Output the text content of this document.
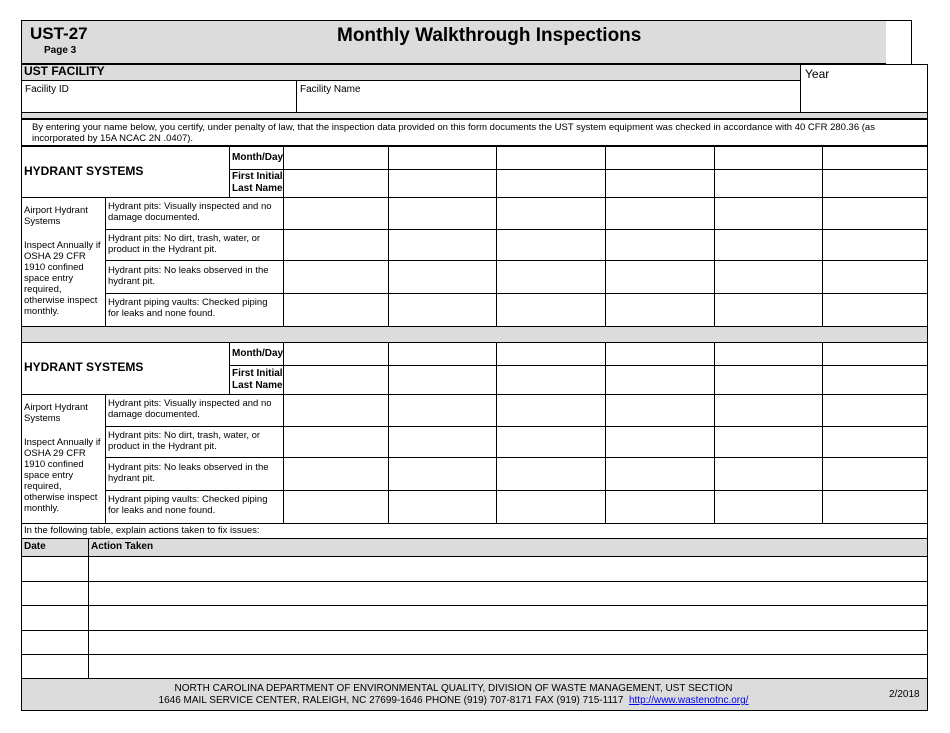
UST-27
Page 3
Monthly Walkthrough Inspections
UST FACILITY	Year
Facility ID	Facility Name
By entering your name below, you certify, under penalty of law, that the inspection data provided on this form documents the UST system equipment was checked in accordance with 40 CFR 280.36 (as incorporated by 15A NCAC 2N .0407).
HYDRANT SYSTEMS
Month/Day
First Initial
Last Name
Airport Hydrant
Systems
Inspect Annually if OSHA 29 CFR 1910 confined space entry required, otherwise inspect monthly.
Hydrant pits: Visually inspected and no damage documented.
Hydrant pits: No dirt, trash, water, or product in the Hydrant pit.
Hydrant pits: No leaks observed in the hydrant pit.
Hydrant piping vaults: Checked piping for leaks and none found.
HYDRANT SYSTEMS
Month/Day
First Initial
Last Name
Airport Hydrant
Systems
Inspect Annually if OSHA 29 CFR 1910 confined space entry required, otherwise inspect monthly.
Hydrant pits: Visually inspected and no damage documented.
Hydrant pits: No dirt, trash, water, or product in the Hydrant pit.
Hydrant pits: No leaks observed in the hydrant pit.
Hydrant piping vaults: Checked piping for leaks and none found.
In the following table, explain actions taken to fix issues:
Date	Action Taken
NORTH CAROLINA DEPARTMENT OF ENVIRONMENTAL QUALITY, DIVISION OF WASTE MANAGEMENT, UST SECTION
1646 MAIL SERVICE CENTER, RALEIGH, NC 27699-1646 PHONE (919) 707-8171 FAX (919) 715-1117 http://www.wastenotnc.org/
2/2018
